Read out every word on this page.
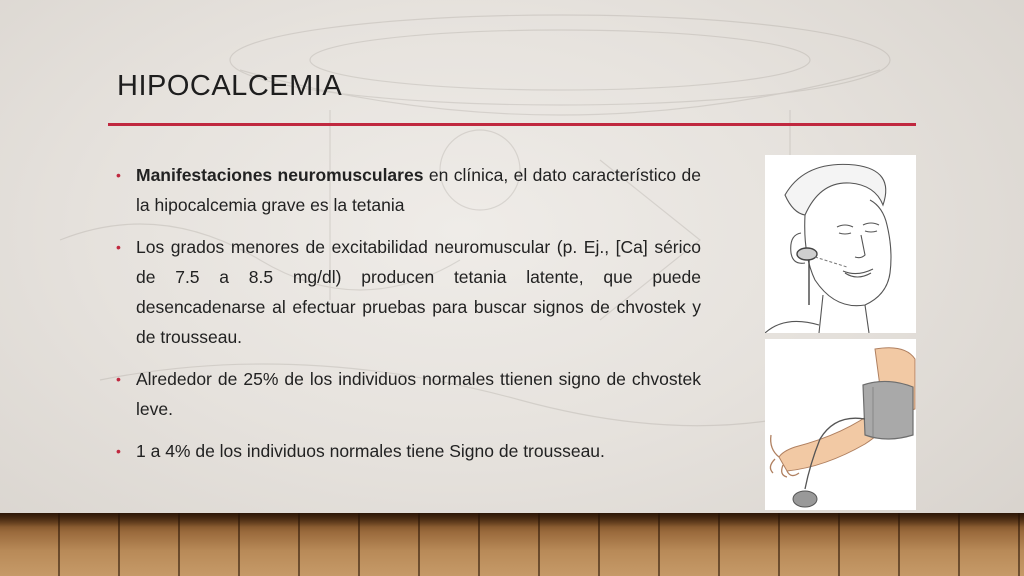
HIPOCALCEMIA
• Manifestaciones neuromusculares en clínica, el dato característico de la hipocalcemia grave es la tetania
• Los grados menores de excitabilidad neuromuscular (p. Ej., [Ca] sérico de 7.5 a 8.5 mg/dl) producen tetania latente, que puede desencadenarse al efectuar pruebas para buscar signos de chvostek y de trousseau.
• Alrededor de 25% de los individuos normales ttienen signo de chvostek leve.
• 1 a 4% de los individuos normales tiene Signo de trousseau.
